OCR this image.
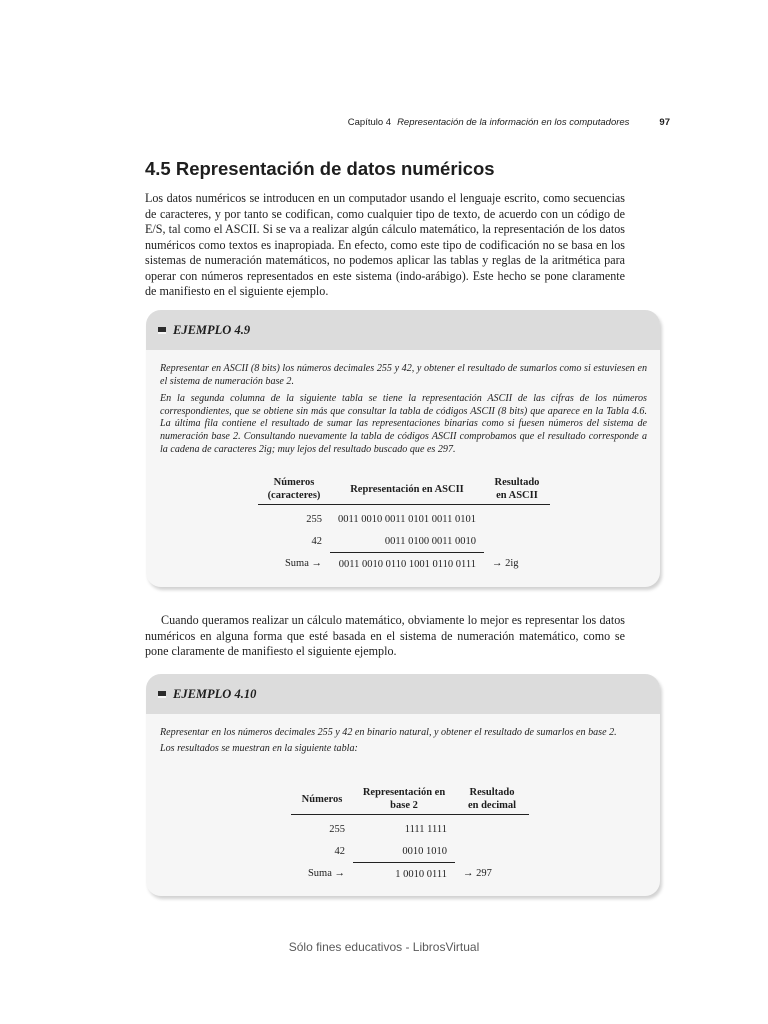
Capítulo 4 Representación de la información en los computadores	97
4.5 Representación de datos numéricos

Los datos numéricos se introducen en un computador usando el lenguaje escrito, como secuencias de caracteres, y por tanto se codifican, como cualquier tipo de texto, de acuerdo con un código de E/S, tal como el ASCII. Si se va a realizar algún cálculo matemático, la representación de los datos numéricos como textos es inapropiada. En efecto, como este tipo de codificación no se basa en los sistemas de numeración matemáticos, no podemos aplicar las tablas y reglas de la aritmética para operar con números representados en este sistema (indo-arábigo). Este hecho se pone claramente de manifiesto en el siguiente ejemplo.

EJEMPLO 4.9

Representar en ASCII (8 bits) los números decimales 255 y 42, y obtener el resultado de sumarlos como si estuviesen en el sistema de numeración base 2.

En la segunda columna de la siguiente tabla se tiene la representación ASCII de las cifras de los números correspondientes, que se obtiene sin más que consultar la tabla de códigos ASCII (8 bits) que aparece en la Tabla 4.6. La última fila contiene el resultado de sumar las representaciones binarias como si fuesen números del sistema de numeración base 2. Consultando nuevamente la tabla de códigos ASCII comprobamos que el resultado corresponde a la cadena de caracteres 2ig; muy lejos del resultado buscado que es 297.

Números (caracteres)	Representación en ASCII	Resultado en ASCII
255	0011 0010 0011 0101 0011 0101	
42	0011 0100 0011 0010	
Suma →	0011 0010 0110 1001 0110 0111	→ 2ig

Cuando queramos realizar un cálculo matemático, obviamente lo mejor es representar los datos numéricos en alguna forma que esté basada en el sistema de numeración matemático, como se pone claramente de manifiesto el siguiente ejemplo.

EJEMPLO 4.10

Representar en los números decimales 255 y 42 en binario natural, y obtener el resultado de sumarlos en base 2.

Los resultados se muestran en la siguiente tabla:

Números	Representación en base 2	Resultado en decimal
255	1111 1111	
42	0010 1010	
Suma →	1 0010 0111	→ 297
Sólo fines educativos - LibrosVirtual
